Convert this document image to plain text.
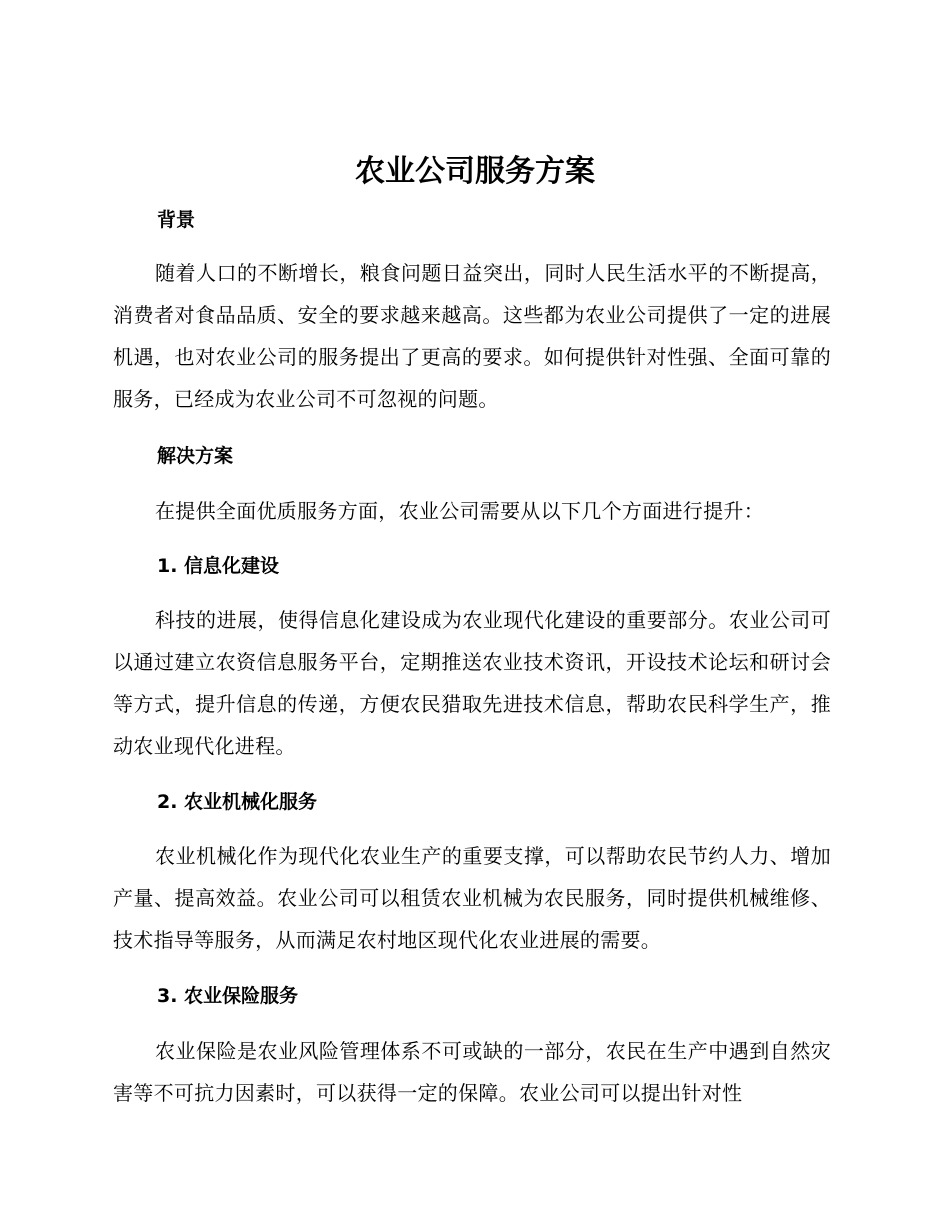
农业公司服务方案
背景

随着人口的不断增长，粮食问题日益突出，同时人民生活水平的不断提高，消费者对食品品质、安全的要求越来越高。这些都为农业公司提供了一定的进展机遇，也对农业公司的服务提出了更高的要求。如何提供针对性强、全面可靠的服务，已经成为农业公司不可忽视的问题。

解决方案

在提供全面优质服务方面，农业公司需要从以下几个方面进行提升：

1. 信息化建设

科技的进展，使得信息化建设成为农业现代化建设的重要部分。农业公司可以通过建立农资信息服务平台，定期推送农业技术资讯，开设技术论坛和研讨会等方式，提升信息的传递，方便农民猎取先进技术信息，帮助农民科学生产，推动农业现代化进程。

2. 农业机械化服务

农业机械化作为现代化农业生产的重要支撑，可以帮助农民节约人力、增加产量、提高效益。农业公司可以租赁农业机械为农民服务，同时提供机械维修、技术指导等服务，从而满足农村地区现代化农业进展的需要。

3. 农业保险服务

农业保险是农业风险管理体系不可或缺的一部分，农民在生产中遇到自然灾害等不可抗力因素时，可以获得一定的保障。农业公司可以提出针对性
